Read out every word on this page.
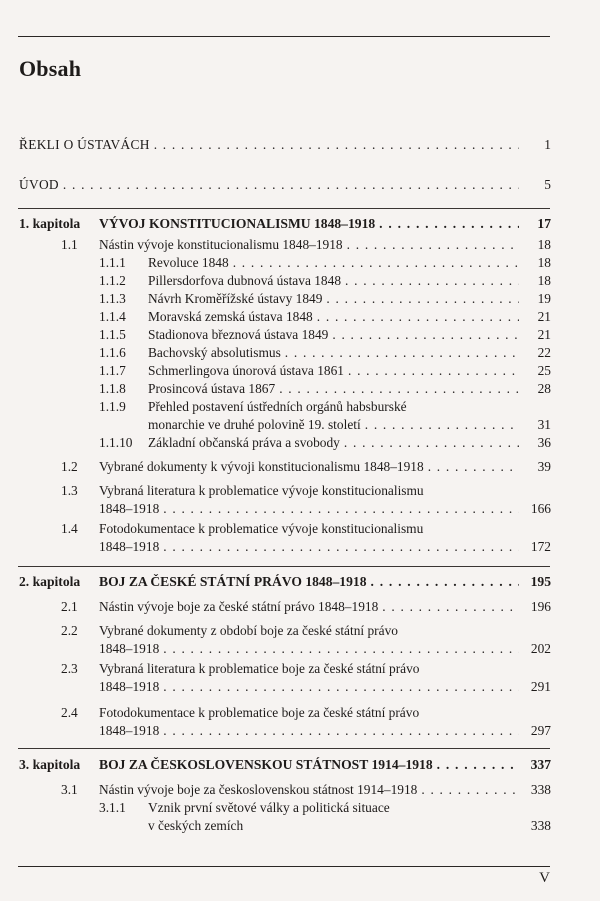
Obsah
ŘEKLI O ÚSTAVÁCH . . .	1
ÚVOD . . .	5
1. kapitola VÝVOJ KONSTITUCIONALISMU 1848–1918 . . .	17
1.1 Nástin vývoje konstitucionalismu 1848–1918 . . .	18
1.1.1 Revoluce 1848 . . .	18
1.1.2 Pillersdorfova dubnová ústava 1848 . . .	18
1.1.3 Návrh Kroměřížské ústavy 1849 . . .	19
1.1.4 Moravská zemská ústava 1848 . . .	21
1.1.5 Stadionova březnová ústava 1849 . . .	21
1.1.6 Bachovský absolutismus . . .	22
1.1.7 Schmerlingova únorová ústava 1861 . . .	25
1.1.8 Prosincová ústava 1867 . . .	28
1.1.9 Přehled postavení ústředních orgánů habsburské
monarchie ve druhé polovině 19. století . . .	31
1.1.10 Základní občanská práva a svobody . . .	36
1.2 Vybrané dokumenty k vývoji konstitucionalismu 1848–1918 . . .	39
1.3 Vybraná literatura k problematice vývoje konstitucionalismu
1848–1918 . . .	166
1.4 Fotodokumentace k problematice vývoje konstitucionalismu
1848–1918 . . .	172
2. kapitola BOJ ZA ČESKÉ STÁTNÍ PRÁVO 1848–1918 . . .	195
2.1 Nástin vývoje boje za české státní právo 1848–1918 . . .	196
2.2 Vybrané dokumenty z období boje za české státní právo
1848–1918 . . .	202
2.3 Vybraná literatura k problematice boje za české státní právo
1848–1918 . . .	291
2.4 Fotodokumentace k problematice boje za české státní právo
1848–1918 . . .	297
3. kapitola BOJ ZA ČESKOSLOVENSKOU STÁTNOST 1914–1918 . . .	337
3.1 Nástin vývoje boje za československou státnost 1914–1918 . . .	338
3.1.1 Vznik první světové války a politická situace
v českých zemích	338
V
